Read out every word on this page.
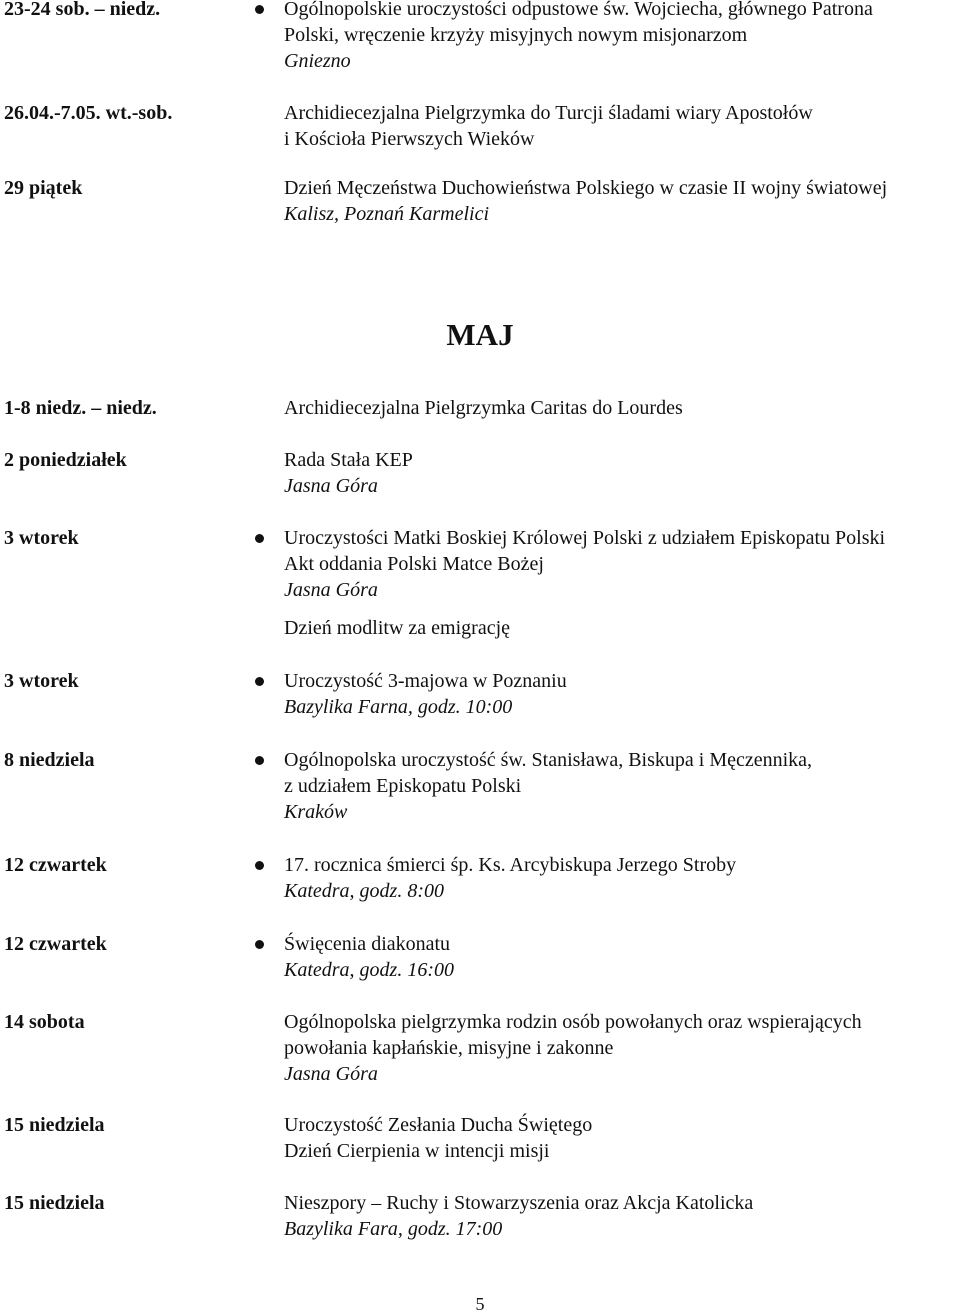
MAJ
23-24 sob. – niedz.	Ogólnopolskie uroczystości odpustowe św. Wojciecha, głównego Patrona
Polski, wręczenie krzyży misyjnych nowym misjonarzom
Gniezno
26.04.-7.05. wt.-sob.	Archidiecezjalna Pielgrzymka do Turcji śladami wiary Apostołów
i Kościoła Pierwszych Wieków
29 piątek	Dzień Męczeństwa Duchowieństwa Polskiego w czasie II wojny światowej
Kalisz, Poznań Karmelici
1-8 niedz. – niedz.	Archidiecezjalna Pielgrzymka Caritas do Lourdes
2 poniedziałek	Rada Stała KEP
Jasna Góra
3 wtorek	Uroczystości Matki Boskiej Królowej Polski z udziałem Episkopatu Polski
Akt oddania Polski Matce Bożej
Jasna Góra
Dzień modlitw za emigrację
3 wtorek	Uroczystość 3-majowa w Poznaniu
Bazylika Farna, godz. 10:00
8 niedziela	Ogólnopolska uroczystość św. Stanisława, Biskupa i Męczennika,
z udziałem Episkopatu Polski
Kraków
12 czwartek	17. rocznica śmierci śp. Ks. Arcybiskupa Jerzego Stroby
Katedra, godz. 8:00
12 czwartek	Święcenia diakonatu
Katedra, godz. 16:00
14 sobota	Ogólnopolska pielgrzymka rodzin osób powołanych oraz wspierających
powołania kapłańskie, misyjne i zakonne
Jasna Góra
15 niedziela	Uroczystość Zesłania Ducha Świętego
Dzień Cierpienia w intencji misji
15 niedziela	Nieszpory – Ruchy i Stowarzyszenia oraz Akcja Katolicka
Bazylika Fara, godz. 17:00
5
